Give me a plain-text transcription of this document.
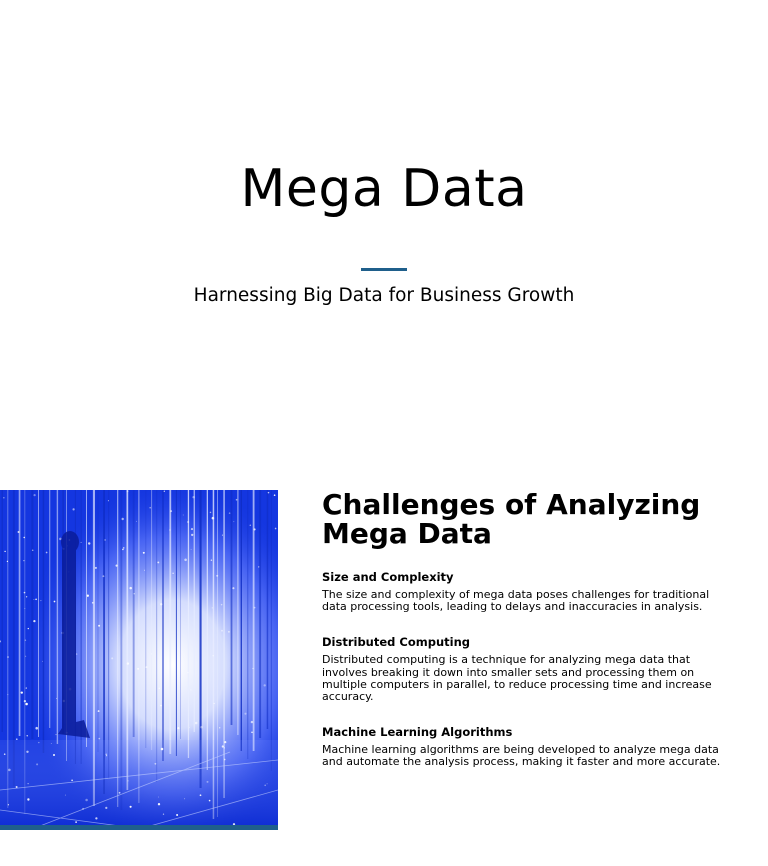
Mega Data

Harnessing Big Data for Business Growth

Challenges of Analyzing Mega Data
Size and Complexity

The size and complexity of mega data poses challenges for traditional data processing tools, leading to delays and inaccuracies in analysis.

Distributed Computing

Distributed computing is a technique for analyzing mega data that involves breaking it down into smaller sets and processing them on multiple computers in parallel, to reduce processing time and increase accuracy.

Machine Learning Algorithms

Machine learning algorithms are being developed to analyze mega data and automate the analysis process, making it faster and more accurate.
